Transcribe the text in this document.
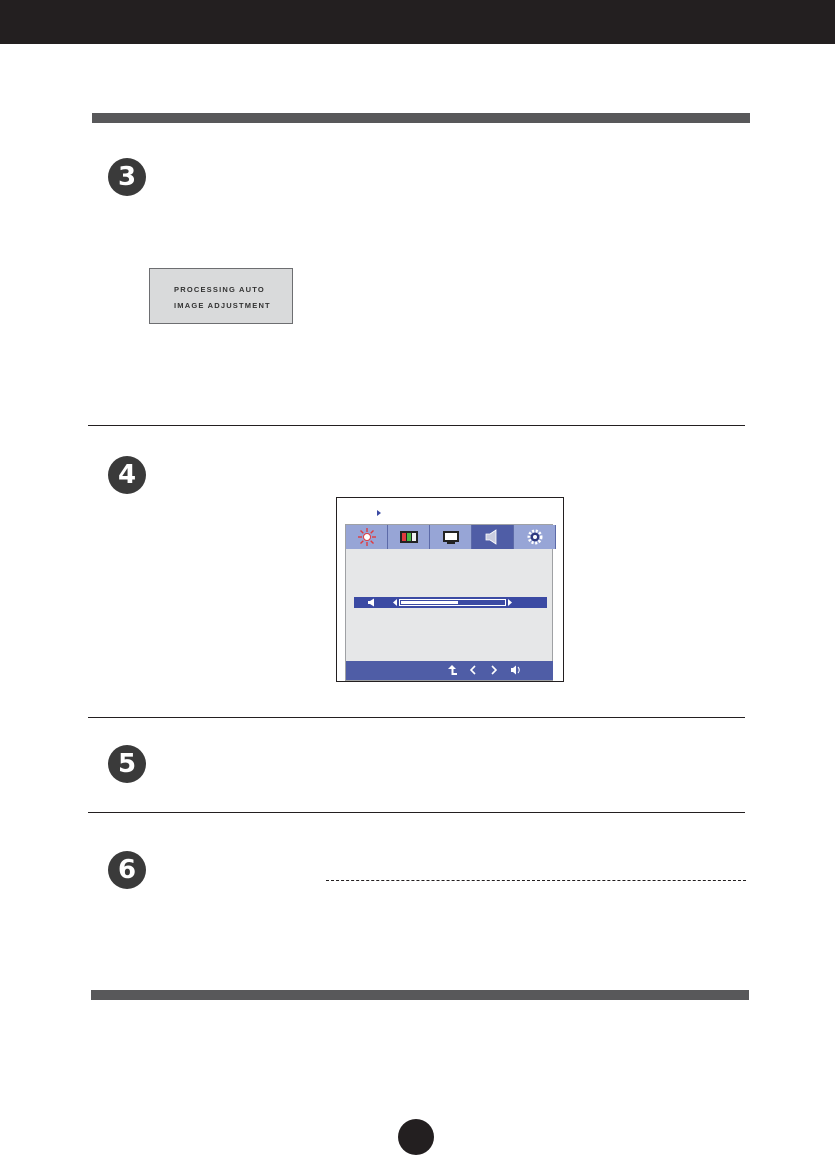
3
PROCESSING AUTO
IMAGE ADJUSTMENT
4
5
6
